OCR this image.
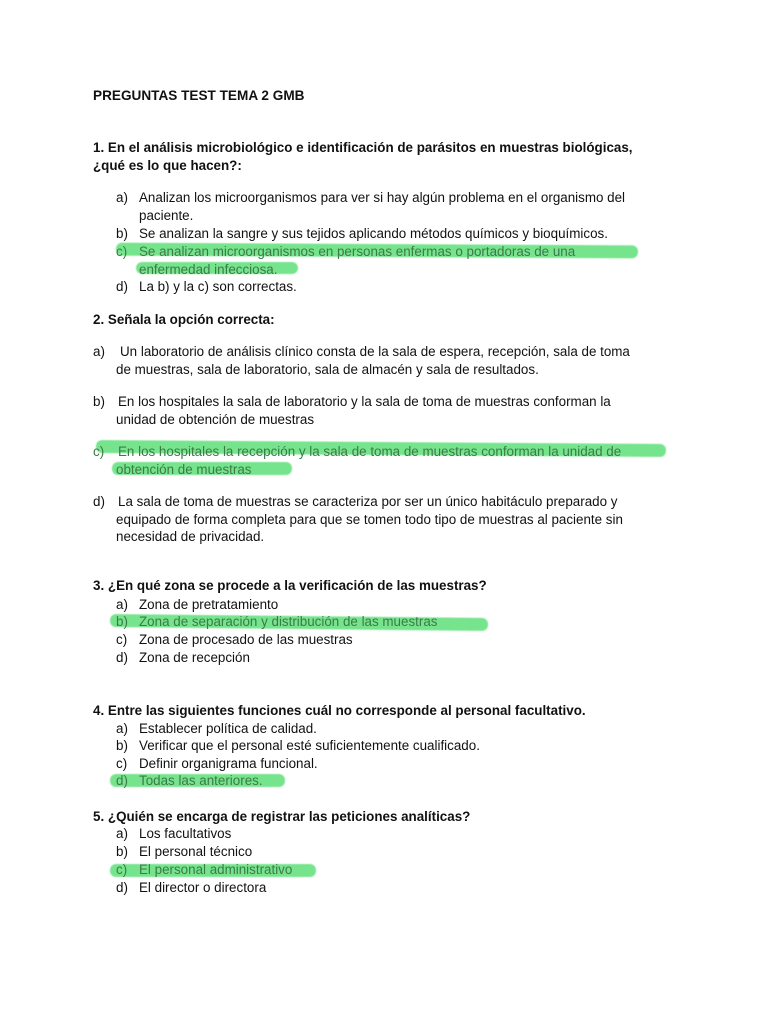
PREGUNTAS TEST TEMA 2 GMB
1. En el análisis microbiológico e identificación de parásitos en muestras biológicas,
¿qué es lo que hacen?:
a) Analizan los microorganismos para ver si hay algún problema en el organismo del
paciente.
b) Se analizan la sangre y sus tejidos aplicando métodos químicos y bioquímicos.
c) Se analizan microorganismos en personas enfermas o portadoras de una
enfermedad infecciosa.
d) La b) y la c) son correctas.
2. Señala la opción correcta:
a) Un laboratorio de análisis clínico consta de la sala de espera, recepción, sala de toma
de muestras, sala de laboratorio, sala de almacén y sala de resultados.
b) En los hospitales la sala de laboratorio y la sala de toma de muestras conforman la
unidad de obtención de muestras
c) En los hospitales la recepción y la sala de toma de muestras conforman la unidad de
obtención de muestras
d) La sala de toma de muestras se caracteriza por ser un único habitáculo preparado y
equipado de forma completa para que se tomen todo tipo de muestras al paciente sin
necesidad de privacidad.
3. ¿En qué zona se procede a la verificación de las muestras?
a) Zona de pretratamiento
b) Zona de separación y distribución de las muestras
c) Zona de procesado de las muestras
d) Zona de recepción
4. Entre las siguientes funciones cuál no corresponde al personal facultativo.
a) Establecer política de calidad.
b) Verificar que el personal esté suficientemente cualificado.
c) Definir organigrama funcional.
d) Todas las anteriores.
5. ¿Quién se encarga de registrar las peticiones analíticas?
a) Los facultativos
b) El personal técnico
c) El personal administrativo
d) El director o directora
